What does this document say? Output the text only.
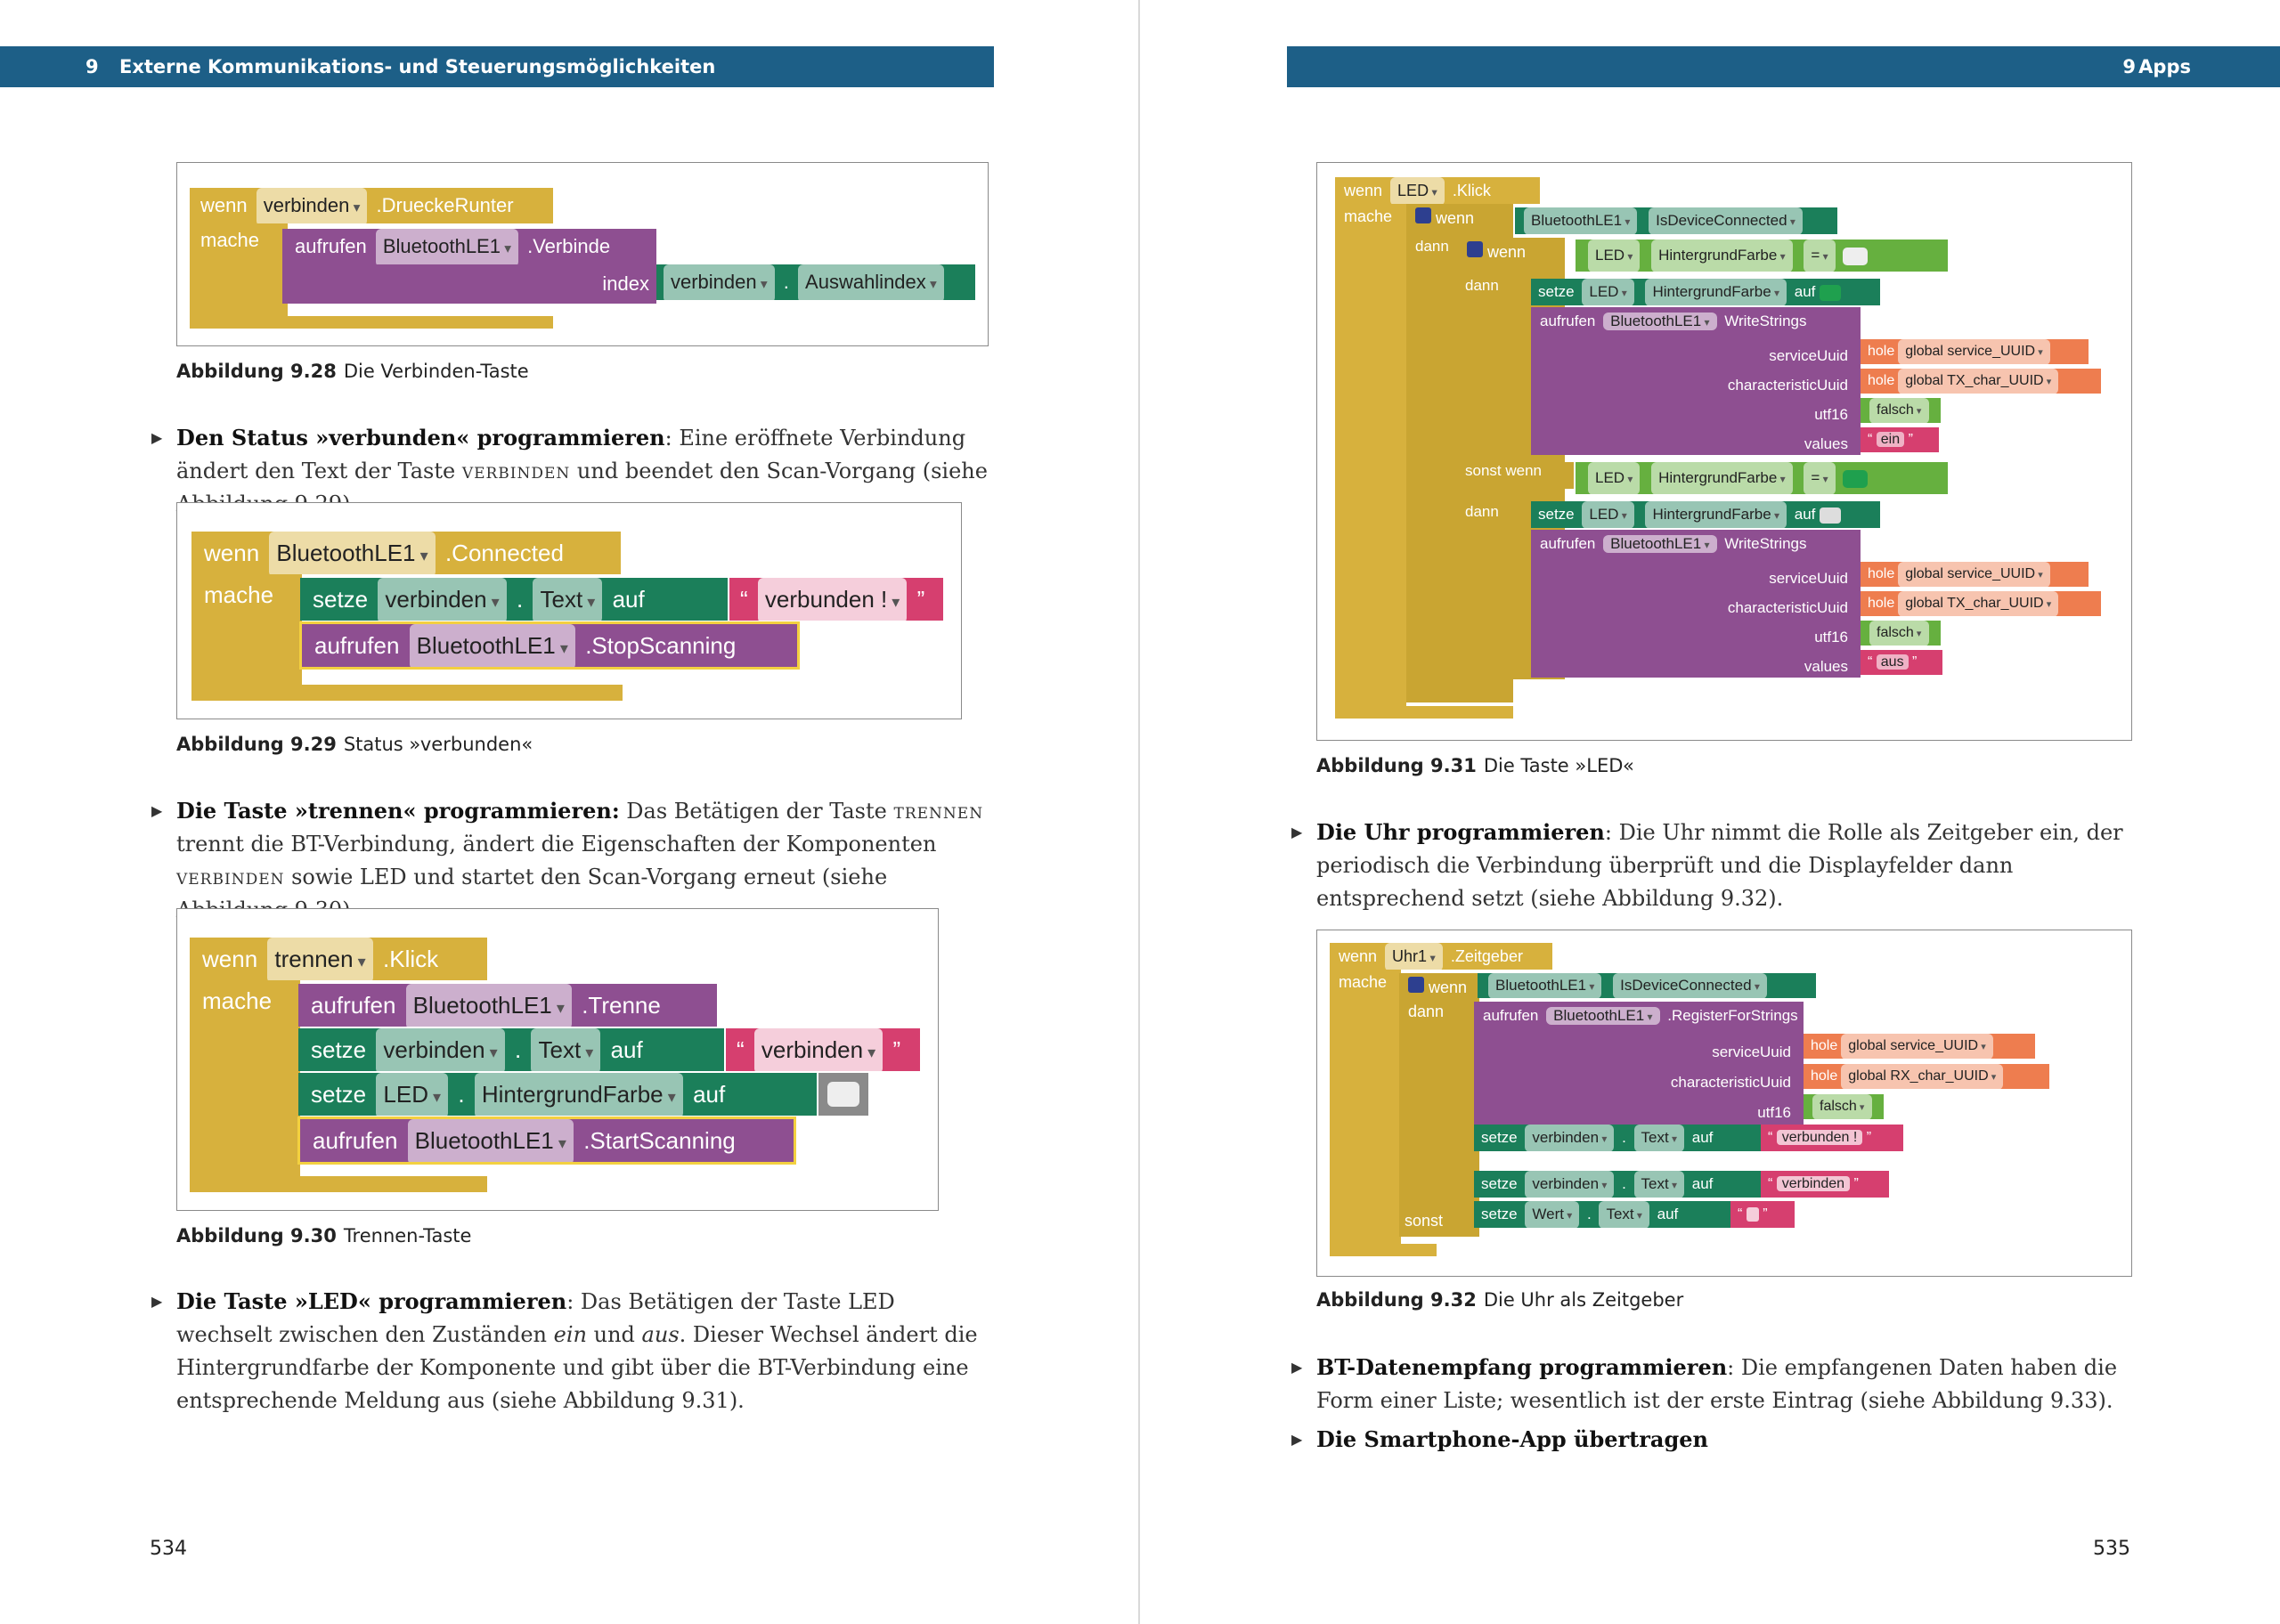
9 Externe Kommunikations- und Steuerungsmöglichkeiten	9 Apps
wenn verbinden ▾ .DrueckeRunter
mache	aufrufen BluetoothLE1 ▾ .Verbinde
index	verbinden ▾ . Auswahlindex ▾
Abbildung 9.28 Die Verbinden-Taste
▶ Den Status »verbunden« programmieren: Eine eröffnete Verbindung ändert den Text der Taste verbinden und beendet den Scan-Vorgang (siehe
wenn BluetoothLE1 ▾ .Connected
mache	setze verbinden ▾ . Text ▾ auf	“ verbunden ! ▾ ”
aufrufen BluetoothLE1 ▾ .StopScanning
Abbildung 9.29 Status »verbunden«
▶ Die Taste »trennen« programmieren: Das Betätigen der Taste trennen trennt die BT-Verbindung, ändert die Eigenschaften der Komponenten verbinden sowie LED und startet den Scan-Vorgang erneut (siehe
wenn trennen ▾ .Klick
mache	aufrufen BluetoothLE1 ▾ .Trenne
setze verbinden ▾ . Text ▾ auf	“ verbinden ▾ ”
setze LED ▾ . HintergrundFarbe ▾ auf
aufrufen BluetoothLE1 ▾ .StartScanning
Abbildung 9.30 Trennen-Taste
▶ Die Taste »LED« programmieren: Das Betätigen der Taste LED wechselt zwischen den Zuständen ein und aus. Dieser Wechsel ändert die Hintergrundfarbe der Komponente und gibt über die BT-Verbindung eine entsprechende Meldung aus (siehe Abbildung 9.31).
534
wenn LED ▾ .Klick
mache	wenn
dann
BluetoothLE1 ▾ IsDeviceConnected ▾
wenn	LED ▾ HintergrundFarbe ▾ = ▾
dann	setze LED ▾ HintergrundFarbe ▾ auf
aufrufen BluetoothLE1 ▾ WriteStrings
serviceUuid
characteristicUuid
utf16
values
hole global service_UUID ▾
hole global TX_char_UUID ▾
falsch ▾
“ ein ”
sonst wenn	LED ▾ HintergrundFarbe ▾ = ▾
dann	setze LED ▾ HintergrundFarbe ▾ auf
aufrufen BluetoothLE1 ▾ WriteStrings
serviceUuid
characteristicUuid
utf16
values
hole global service_UUID ▾
hole global TX_char_UUID ▾
falsch ▾
“ aus ”
Abbildung 9.31 Die Taste »LED«
▶ Die Uhr programmieren: Die Uhr nimmt die Rolle als Zeitgeber ein, der periodisch die Verbindung überprüft und die Displayfelder dann entsprechend setzt (siehe Abbildung 9.32).
wenn Uhr1 ▾ .Zeitgeber
mache	wenn
dann
sonst
BluetoothLE1 ▾ IsDeviceConnected ▾
aufrufen BluetoothLE1 ▾ .RegisterForStrings
serviceUuid
characteristicUuid
utf16
hole global service_UUID ▾
hole global RX_char_UUID ▾
falsch ▾
setze verbinden ▾ . Text ▾ auf	“ verbunden ! ”
setze verbinden ▾ . Text ▾ auf	“ verbinden ”
setze Wert ▾ . Text ▾ auf	“  ”
Abbildung 9.32 Die Uhr als Zeitgeber
▶ BT-Datenempfang programmieren: Die empfangenen Daten haben die Form einer Liste; wesentlich ist der erste Eintrag (siehe Abbildung 9.33).
▶ Die Smartphone-App übertragen
535
